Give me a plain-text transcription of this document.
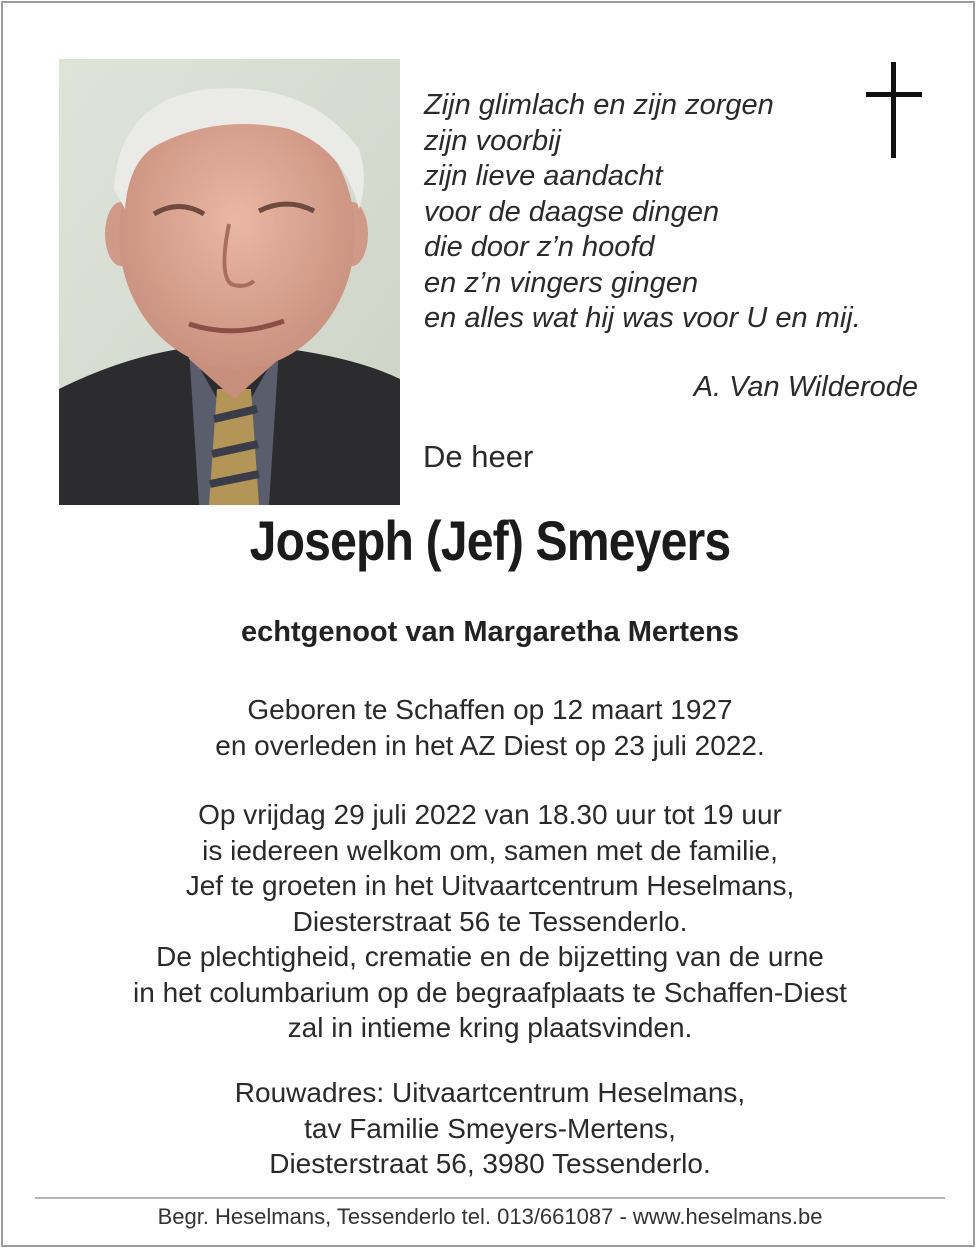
Zijn glimlach en zijn zorgen
zijn voorbij
zijn lieve aandacht
voor de daagse dingen
die door z’n hoofd
en z’n vingers gingen
en alles wat hij was voor U en mij.
A. Van Wilderode
De heer
Joseph (Jef) Smeyers
echtgenoot van Margaretha Mertens
Geboren te Schaffen op 12 maart 1927
en overleden in het AZ Diest op 23 juli 2022.
Op vrijdag 29 juli 2022 van 18.30 uur tot 19 uur
is iedereen welkom om, samen met de familie,
Jef te groeten in het Uitvaartcentrum Heselmans,
Diesterstraat 56 te Tessenderlo.
De plechtigheid, crematie en de bijzetting van de urne
in het columbarium op de begraafplaats te Schaffen-Diest
zal in intieme kring plaatsvinden.
Rouwadres: Uitvaartcentrum Heselmans,
tav Familie Smeyers-Mertens,
Diesterstraat 56, 3980 Tessenderlo.
Begr. Heselmans, Tessenderlo tel. 013/661087 - www.heselmans.be
